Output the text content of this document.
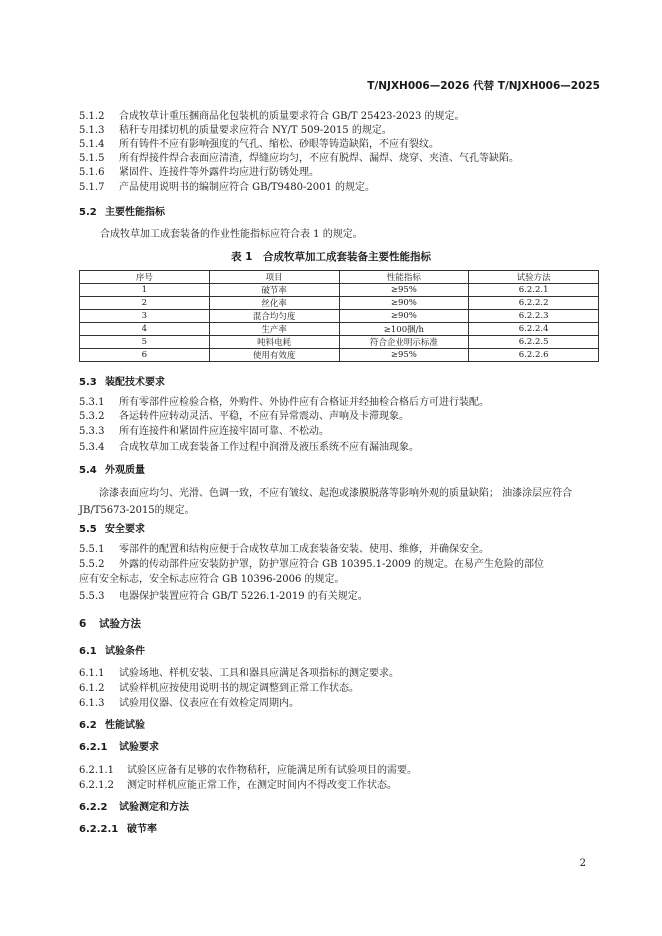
T/NJXH006—2026 代替 T/NJXH006—2025
5.1.2 合成牧草计重压捆商品化包装机的质量要求符合 GB/T 25423-2023 的规定。
5.1.3 秸秆专用揉切机的质量要求应符合 NY/T 509-2015 的规定。
5.1.4 所有铸件不应有影响强度的气孔、缩松、砂眼等铸造缺陷，不应有裂纹。
5.1.5 所有焊接件焊合表面应清渣，焊缝应均匀，不应有脱焊、漏焊、烧穿、夹渣、气孔等缺陷。
5.1.6 紧固件、连接件等外露件均应进行防锈处理。
5.1.7 产品使用说明书的编制应符合 GB/T9480-2001 的规定。
5.2 主要性能指标
合成牧草加工成套装备的作业性能指标应符合表 1 的规定。
表 1　合成牧草加工成套装备主要性能指标
序号	项目	性能指标	试验方法
1	破节率	≥95%	6.2.2.1
2	丝化率	≥90%	6.2.2.2
3	混合均匀度	≥90%	6.2.2.3
4	生产率	≥100捆/h	6.2.2.4
5	吨料电耗	符合企业明示标准	6.2.2.5
6	使用有效度	≥95%	6.2.2.6
5.3 装配技术要求
5.3.1 所有零部件应检验合格，外购件、外协件应有合格证并经抽检合格后方可进行装配。
5.3.2 各运转件应转动灵活、平稳，不应有异常震动、声响及卡滞现象。
5.3.3 所有连接件和紧固件应连接牢固可靠、不松动。
5.3.4 合成牧草加工成套装备工作过程中润滑及液压系统不应有漏油现象。
5.4 外观质量
涂漆表面应均匀、光滑、色调一致，不应有皱纹、起泡或漆膜脱落等影响外观的质量缺陷； 油漆涂层应符合JB/T5673-2015的规定。
5.5 安全要求
5.5.1 零部件的配置和结构应便于合成牧草加工成套装备安装、使用、维修，并确保安全。
5.5.2 外露的传动部件应安装防护罩，防护罩应符合 GB 10395.1-2009 的规定。在易产生危险的部位
应有安全标志，安全标志应符合 GB 10396-2006 的规定。
5.5.3 电器保护装置应符合 GB/T 5226.1-2019 的有关规定。
6 试验方法
6.1 试验条件
6.1.1 试验场地、样机安装、工具和器具应满足各项指标的测定要求。
6.1.2 试验样机应按使用说明书的规定调整到正常工作状态。
6.1.3 试验用仪器、仪表应在有效检定周期内。
6.2 性能试验
6.2.1 试验要求
6.2.1.1 试验区应备有足够的农作物秸秆，应能满足所有试验项目的需要。
6.2.1.2 测定时样机应能正常工作，在测定时间内不得改变工作状态。
6.2.2 试验测定和方法
6.2.2.1 破节率
2
